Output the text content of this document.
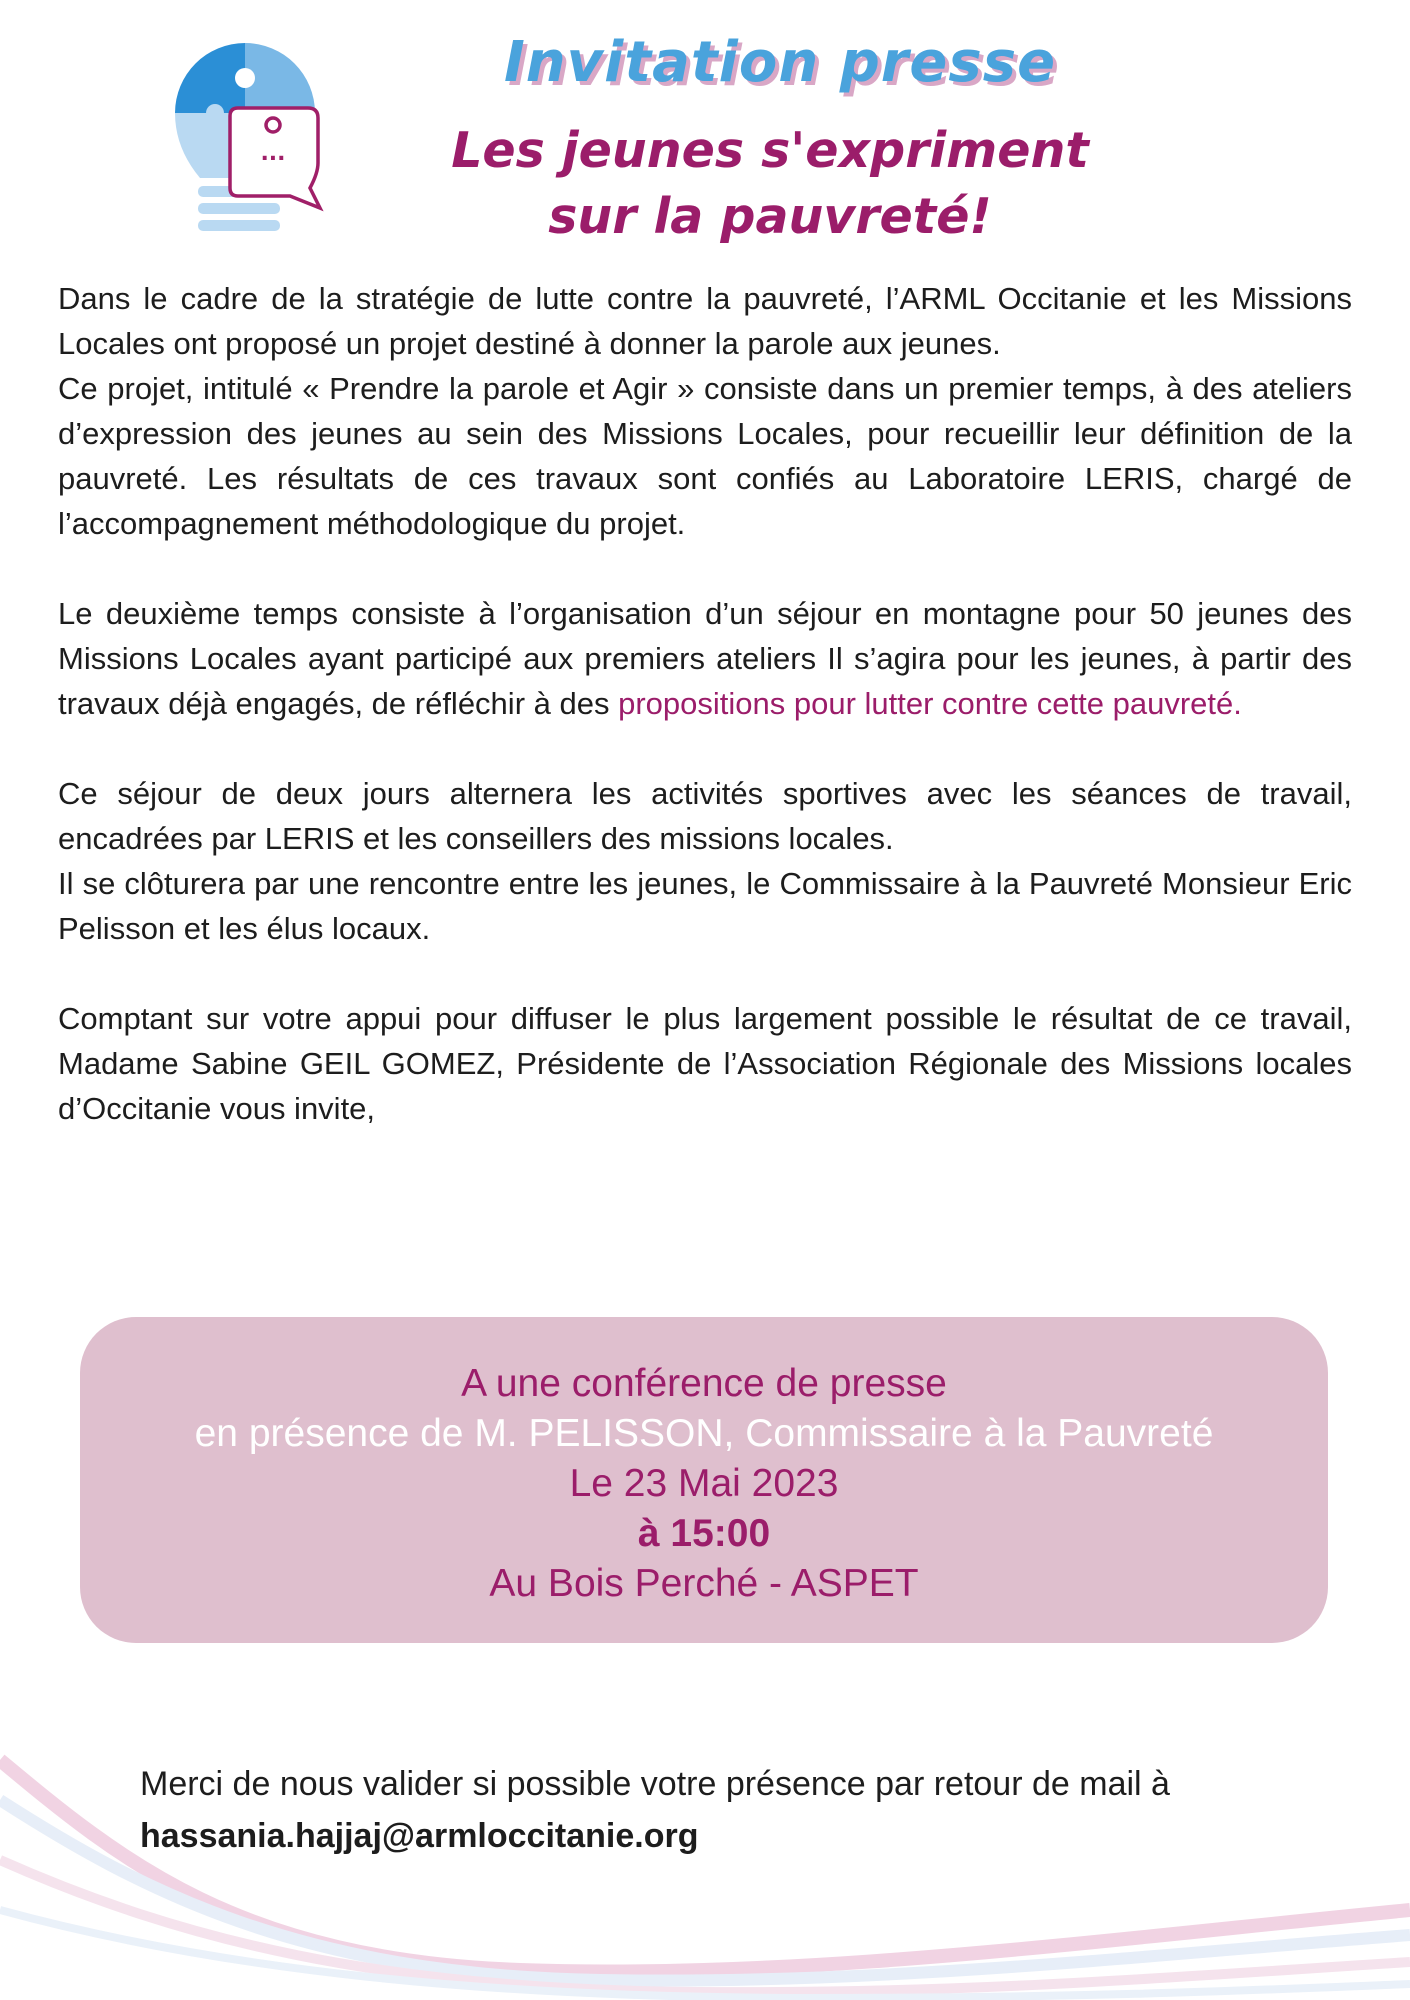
...
Invitation presse
Les jeunes s'expriment
sur la pauvreté!

Dans le cadre de la stratégie de lutte contre la pauvreté, l’ARML Occitanie et les Missions Locales ont proposé un projet destiné à donner la parole aux jeunes.

Ce projet, intitulé « Prendre la parole et Agir » consiste dans un premier temps, à des ateliers d’expression des jeunes au sein des Missions Locales, pour recueillir leur définition de la pauvreté. Les résultats de ces travaux sont confiés au Laboratoire LERIS, chargé de l’accompagnement méthodologique du projet.

Le deuxième temps consiste à l’organisation d’un séjour en montagne pour 50 jeunes des Missions Locales ayant participé aux premiers ateliers Il s’agira pour les jeunes, à partir des travaux déjà engagés, de réfléchir à des propositions pour lutter contre cette pauvreté.

Ce séjour de deux jours alternera les activités sportives avec les séances de travail, encadrées par LERIS et les conseillers des missions locales.

Il se clôturera par une rencontre entre les jeunes, le Commissaire à la Pauvreté Monsieur Eric Pelisson et les élus locaux.

Comptant sur votre appui pour diffuser le plus largement possible le résultat de ce travail, Madame Sabine GEIL GOMEZ, Présidente de l’Association Régionale des Missions locales d’Occitanie vous invite,

A une conférence de presse
en présence de M. PELISSON, Commissaire à la Pauvreté
Le 23 Mai 2023
à 15:00
Au Bois Perché - ASPET
Merci de nous valider si possible votre présence par retour de mail à hassania.hajjaj@armloccitanie.org
